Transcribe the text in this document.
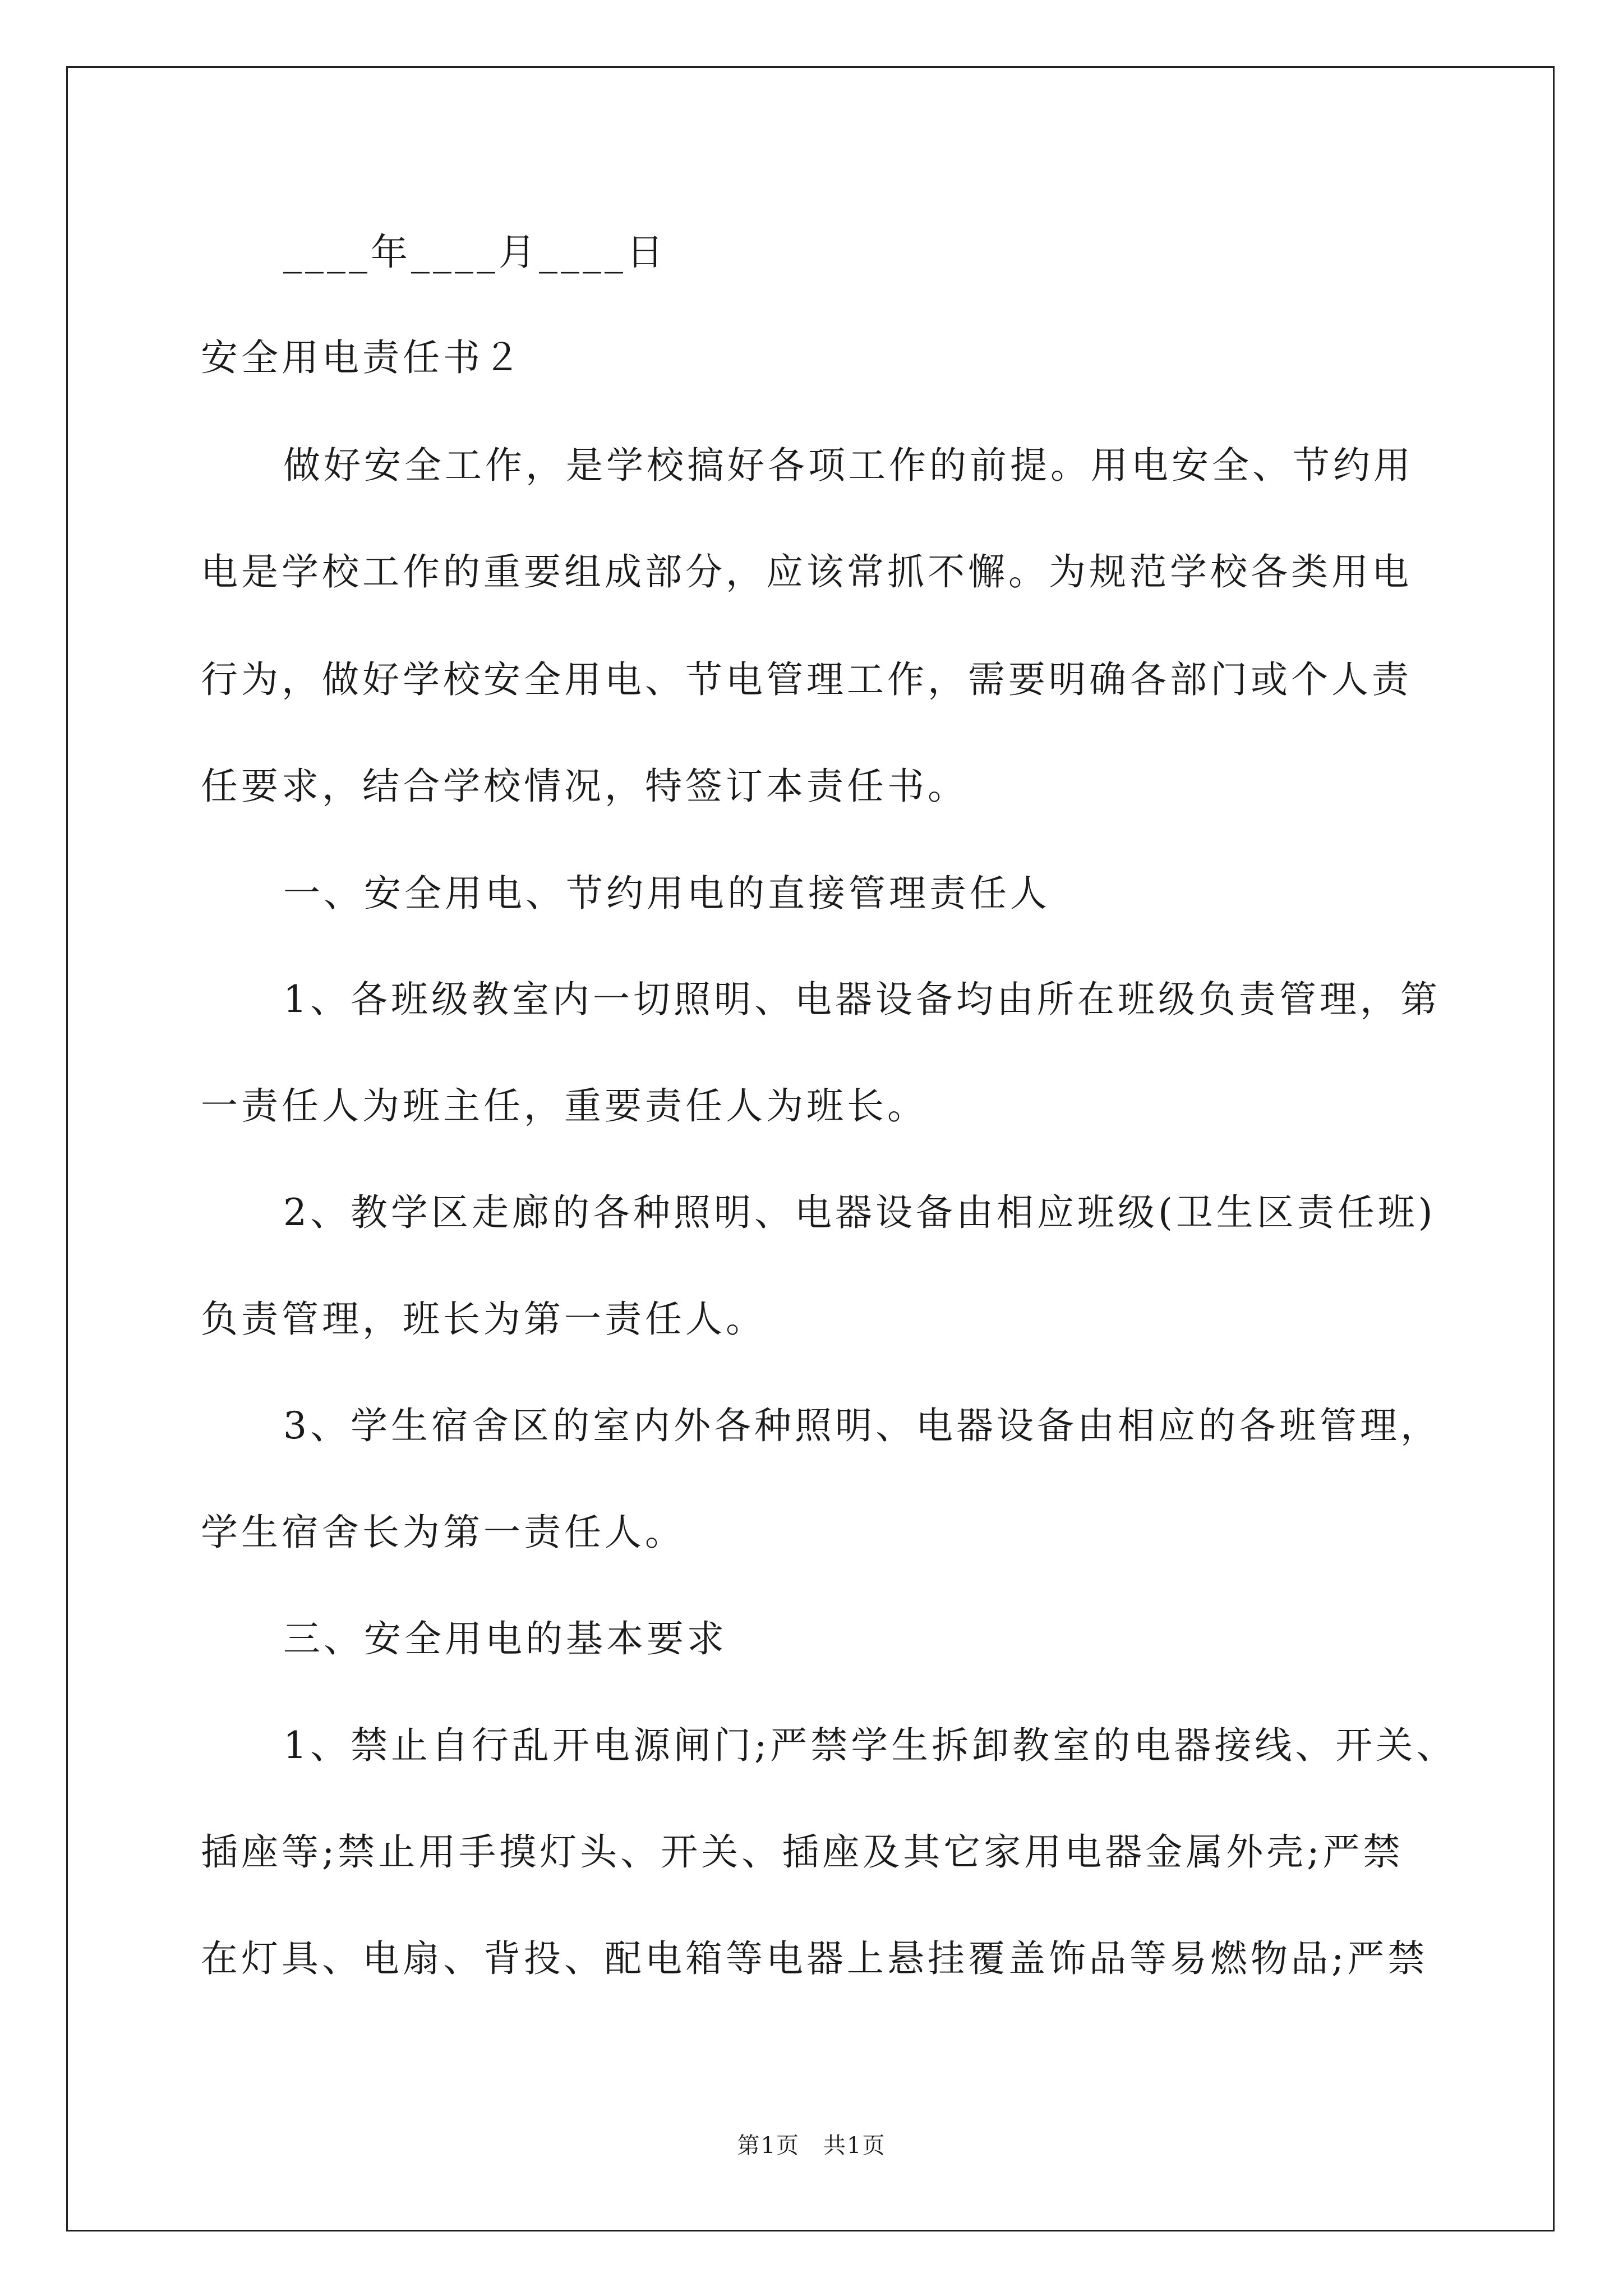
____年____月____日
安全用电责任书２
做好安全工作，是学校搞好各项工作的前提。用电安全、节约用
电是学校工作的重要组成部分，应该常抓不懈。为规范学校各类用电
行为，做好学校安全用电、节电管理工作，需要明确各部门或个人责
任要求，结合学校情况，特签订本责任书。
一、安全用电、节约用电的直接管理责任人
1、各班级教室内一切照明、电器设备均由所在班级负责管理，第
一责任人为班主任，重要责任人为班长。
2、教学区走廊的各种照明、电器设备由相应班级(卫生区责任班)
负责管理，班长为第一责任人。
3、学生宿舍区的室内外各种照明、电器设备由相应的各班管理，
学生宿舍长为第一责任人。
三、安全用电的基本要求
1、禁止自行乱开电源闸门;严禁学生拆卸教室的电器接线、开关、
插座等;禁止用手摸灯头、开关、插座及其它家用电器金属外壳;严禁
在灯具、电扇、背投、配电箱等电器上悬挂覆盖饰品等易燃物品;严禁
第1页　共1页
